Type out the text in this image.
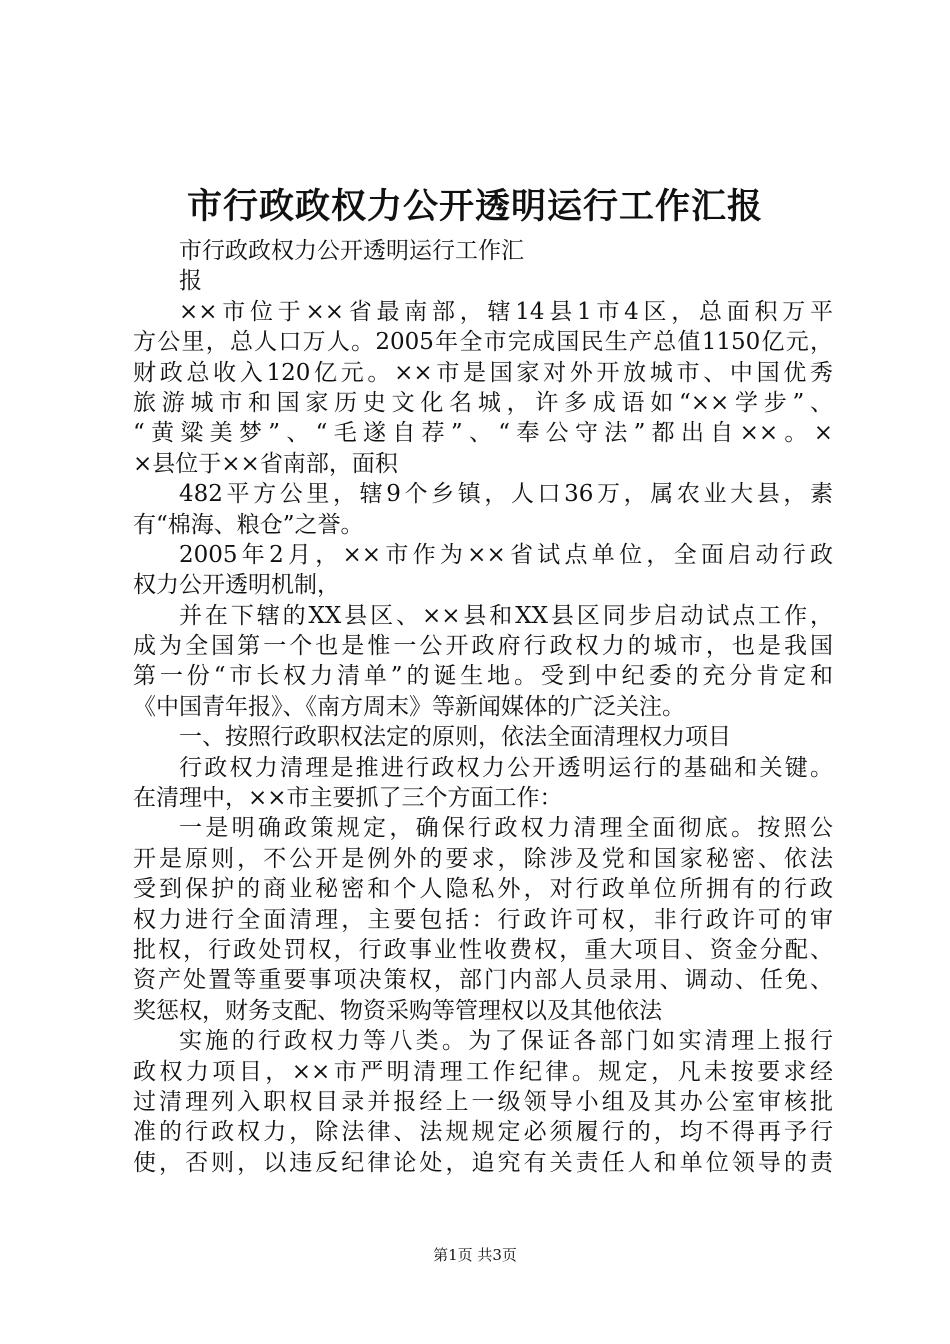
市行政政权力公开透明运行工作汇报
市行政政权力公开透明运行工作汇
报
××市位于××省最南部，辖14县1市4区，总面积万平
方公里，总人口万人。2005年全市完成国民生产总值1150亿元，
财政总收入120亿元。××市是国家对外开放城市、中国优秀
旅游城市和国家历史文化名城，许多成语如“××学步”、
“黄粱美梦”、“毛遂自荐”、“奉公守法”都出自××。×
×县位于××省南部，面积
482平方公里，辖9个乡镇，人口36万，属农业大县，素
有“棉海、粮仓”之誉。
2005年2月，××市作为××省试点单位，全面启动行政
权力公开透明机制，
并在下辖的XX县区、××县和XX县区同步启动试点工作，
成为全国第一个也是惟一公开政府行政权力的城市，也是我国
第一份“市长权力清单”的诞生地。受到中纪委的充分肯定和
《中国青年报》、《南方周末》等新闻媒体的广泛关注。
一、按照行政职权法定的原则，依法全面清理权力项目
行政权力清理是推进行政权力公开透明运行的基础和关键。
在清理中，××市主要抓了三个方面工作：
一是明确政策规定，确保行政权力清理全面彻底。按照公
开是原则，不公开是例外的要求，除涉及党和国家秘密、依法
受到保护的商业秘密和个人隐私外，对行政单位所拥有的行政
权力进行全面清理，主要包括：行政许可权，非行政许可的审
批权，行政处罚权，行政事业性收费权，重大项目、资金分配、
资产处置等重要事项决策权，部门内部人员录用、调动、任免、
奖惩权，财务支配、物资采购等管理权以及其他依法
实施的行政权力等八类。为了保证各部门如实清理上报行
政权力项目，××市严明清理工作纪律。规定，凡未按要求经
过清理列入职权目录并报经上一级领导小组及其办公室审核批
准的行政权力，除法律、法规规定必须履行的，均不得再予行
使，否则，以违反纪律论处，追究有关责任人和单位领导的责
第1页 共3页
